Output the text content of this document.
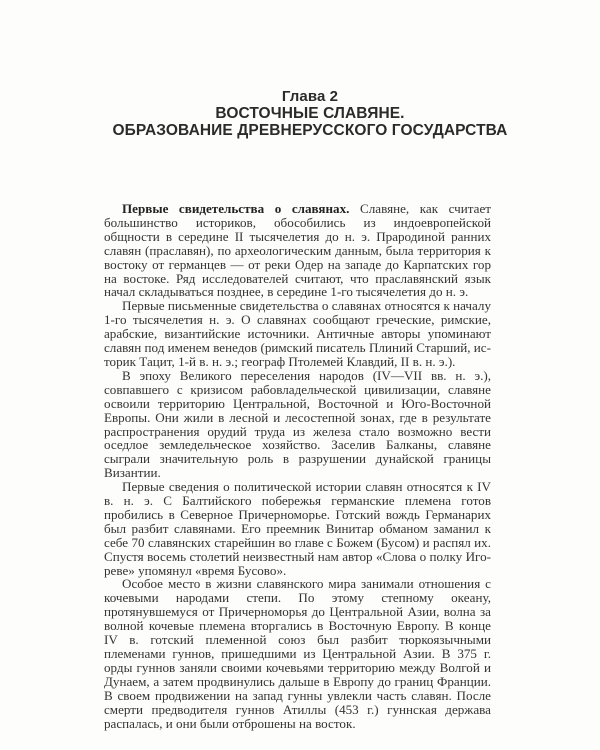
Глава 2
ВОСТОЧНЫЕ СЛАВЯНЕ.
ОБРАЗОВАНИЕ ДРЕВНЕРУССКОГО ГОСУДАРСТВА

Первые свидетельства о славянах. Славяне, как считает большинство историков, обособились из индоевропейской общности в середине II тысячелетия до н. э. Прародиной ранних славян (праславян), по археологическим данным, была территория к востоку от германцев — от реки Одер на западе до Карпатских гор на востоке. Ряд исследователей считают, что праславянский язык начал складываться позднее, в середине 1-го тысячелетия до н. э.

Первые письменные свидетельства о славянах относятся к началу 1-го тысячелетия н. э. О славянах сообщают греческие, римские, арабские, византийские источники. Античные авторы упоминают славян под именем венедов (римский писатель Плиний Старший, историк Тацит, 1-й в. н. э.; географ Птолемей Клавдий, II в. н. э.).

В эпоху Великого переселения народов (IV—VII вв. н. э.), совпавшего с кризисом рабовладельческой цивилизации, славяне освоили территорию Центральной, Восточной и Юго-Восточной Европы. Они жили в лесной и лесостепной зонах, где в результате распространения орудий труда из железа стало возможно вести оседлое земледельческое хозяйство. Заселив Балканы, славяне сыграли значительную роль в разрушении дунайской границы Византии.

Первые сведения о политической истории славян относятся к IV в. н. э. С Балтийского побережья германские племена готов пробились в Северное Причерноморье. Готский вождь Германарих был разбит славянами. Его преемник Винитар обманом заманил к себе 70 славянских старейшин во главе с Божем (Бусом) и распял их. Спустя восемь столетий неизвестный нам автор «Слова о полку Игореве» упомянул «время Бусово».

Особое место в жизни славянского мира занимали отношения с кочевыми народами степи. По этому степному океану, протянувшемуся от Причерноморья до Центральной Азии, волна за волной кочевые племена вторгались в Восточную Европу. В конце IV в. готский племенной союз был разбит тюркоязычными племенами гуннов, пришедшими из Центральной Азии. В 375 г. орды гуннов заняли своими кочевьями территорию между Волгой и Дунаем, а затем продвинулись дальше в Европу до границ Франции. В своем продвижении на запад гунны увлекли часть славян. После смерти предводителя гуннов Атиллы (453 г.) гуннская держава распалась, и они были отброшены на восток.
